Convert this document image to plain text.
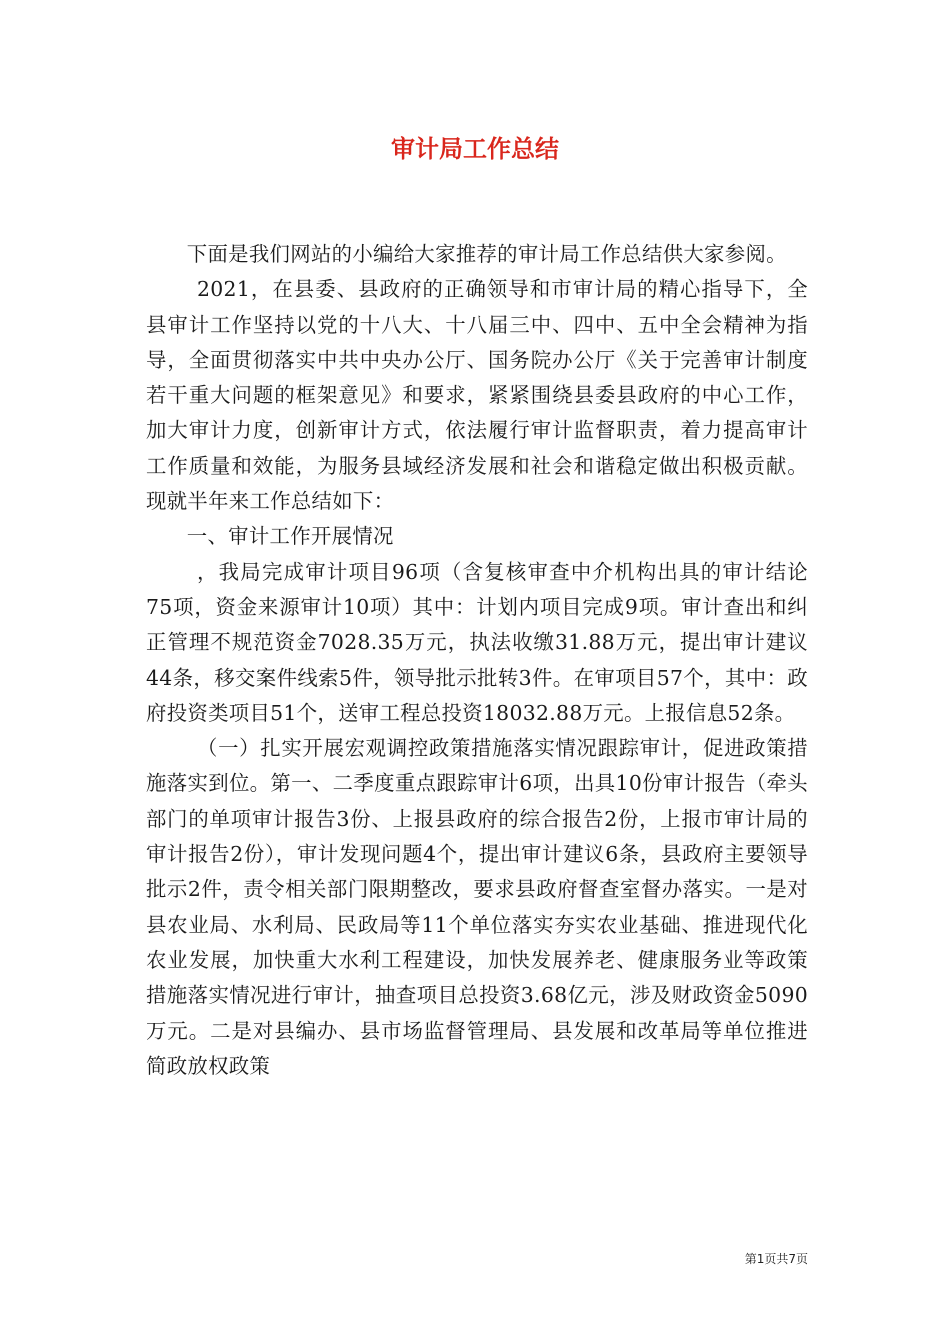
审计局工作总结

下面是我们网站的小编给大家推荐的审计局工作总结供大家参阅。

2021，在县委、县政府的正确领导和市审计局的精心指导下，全县审计工作坚持以党的十八大、十八届三中、四中、五中全会精神为指导，全面贯彻落实中共中央办公厅、国务院办公厅《关于完善审计制度若干重大问题的框架意见》和要求，紧紧围绕县委县政府的中心工作，加大审计力度，创新审计方式，依法履行审计监督职责，着力提高审计工作质量和效能，为服务县域经济发展和社会和谐稳定做出积极贡献。现就半年来工作总结如下：

一、审计工作开展情况

，我局完成审计项目96项（含复核审查中介机构出具的审计结论75项，资金来源审计10项）其中：计划内项目完成9项。审计查出和纠正管理不规范资金7028.35万元，执法收缴31.88万元，提出审计建议44条，移交案件线索5件，领导批示批转3件。在审项目57个，其中：政府投资类项目51个，送审工程总投资18032.88万元。上报信息52条。

（一）扎实开展宏观调控政策措施落实情况跟踪审计，促进政策措施落实到位。第一、二季度重点跟踪审计6项，出具10份审计报告（牵头部门的单项审计报告3份、上报县政府的综合报告2份，上报市审计局的审计报告2份），审计发现问题4个，提出审计建议6条，县政府主要领导批示2件，责令相关部门限期整改，要求县政府督查室督办落实。一是对县农业局、水利局、民政局等11个单位落实夯实农业基础、推进现代化农业发展，加快重大水利工程建设，加快发展养老、健康服务业等政策措施落实情况进行审计，抽查项目总投资3.68亿元，涉及财政资金5090万元。二是对县编办、县市场监督管理局、县发展和改革局等单位推进简政放权政策

第1页共7页
